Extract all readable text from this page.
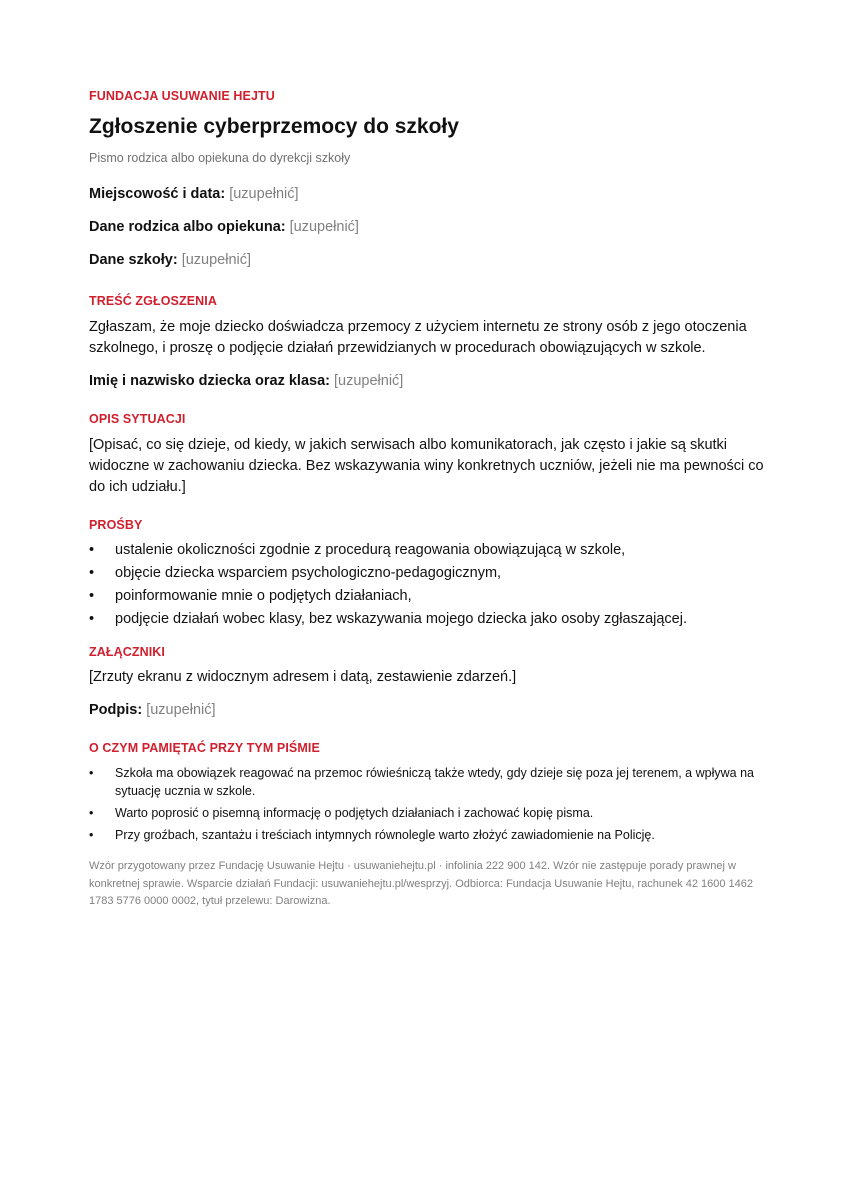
FUNDACJA USUWANIE HEJTU

Zgłoszenie cyberprzemocy do szkoły

Pismo rodzica albo opiekuna do dyrekcji szkoły

Miejscowość i data: [uzupełnić]

Dane rodzica albo opiekuna: [uzupełnić]

Dane szkoły: [uzupełnić]

TREŚĆ ZGŁOSZENIA

Zgłaszam, że moje dziecko doświadcza przemocy z użyciem internetu ze strony osób z jego otoczenia szkolnego, i proszę o podjęcie działań przewidzianych w procedurach obowiązujących w szkole.

Imię i nazwisko dziecka oraz klasa: [uzupełnić]

OPIS SYTUACJI

[Opisać, co się dzieje, od kiedy, w jakich serwisach albo komunikatorach, jak często i jakie są skutki widoczne w zachowaniu dziecka. Bez wskazywania winy konkretnych uczniów, jeżeli nie ma pewności co do ich udziału.]

PROŚBY

• ustalenie okoliczności zgodnie z procedurą reagowania obowiązującą w szkole,
• objęcie dziecka wsparciem psychologiczno-pedagogicznym,
• poinformowanie mnie o podjętych działaniach,
• podjęcie działań wobec klasy, bez wskazywania mojego dziecka jako osoby zgłaszającej.

ZAŁĄCZNIKI

[Zrzuty ekranu z widocznym adresem i datą, zestawienie zdarzeń.]

Podpis: [uzupełnić]

O CZYM PAMIĘTAĆ PRZY TYM PIŚMIE

• Szkoła ma obowiązek reagować na przemoc rówieśniczą także wtedy, gdy dzieje się poza jej terenem, a wpływa na sytuację ucznia w szkole.
• Warto poprosić o pisemną informację o podjętych działaniach i zachować kopię pisma.
• Przy groźbach, szantażu i treściach intymnych równolegle warto złożyć zawiadomienie na Policję.

Wzór przygotowany przez Fundację Usuwanie Hejtu · usuwaniehejtu.pl · infolinia 222 900 142. Wzór nie zastępuje porady prawnej w konkretnej sprawie. Wsparcie działań Fundacji: usuwaniehejtu.pl/wesprzyj. Odbiorca: Fundacja Usuwanie Hejtu, rachunek 42 1600 1462 1783 5776 0000 0002, tytuł przelewu: Darowizna.
